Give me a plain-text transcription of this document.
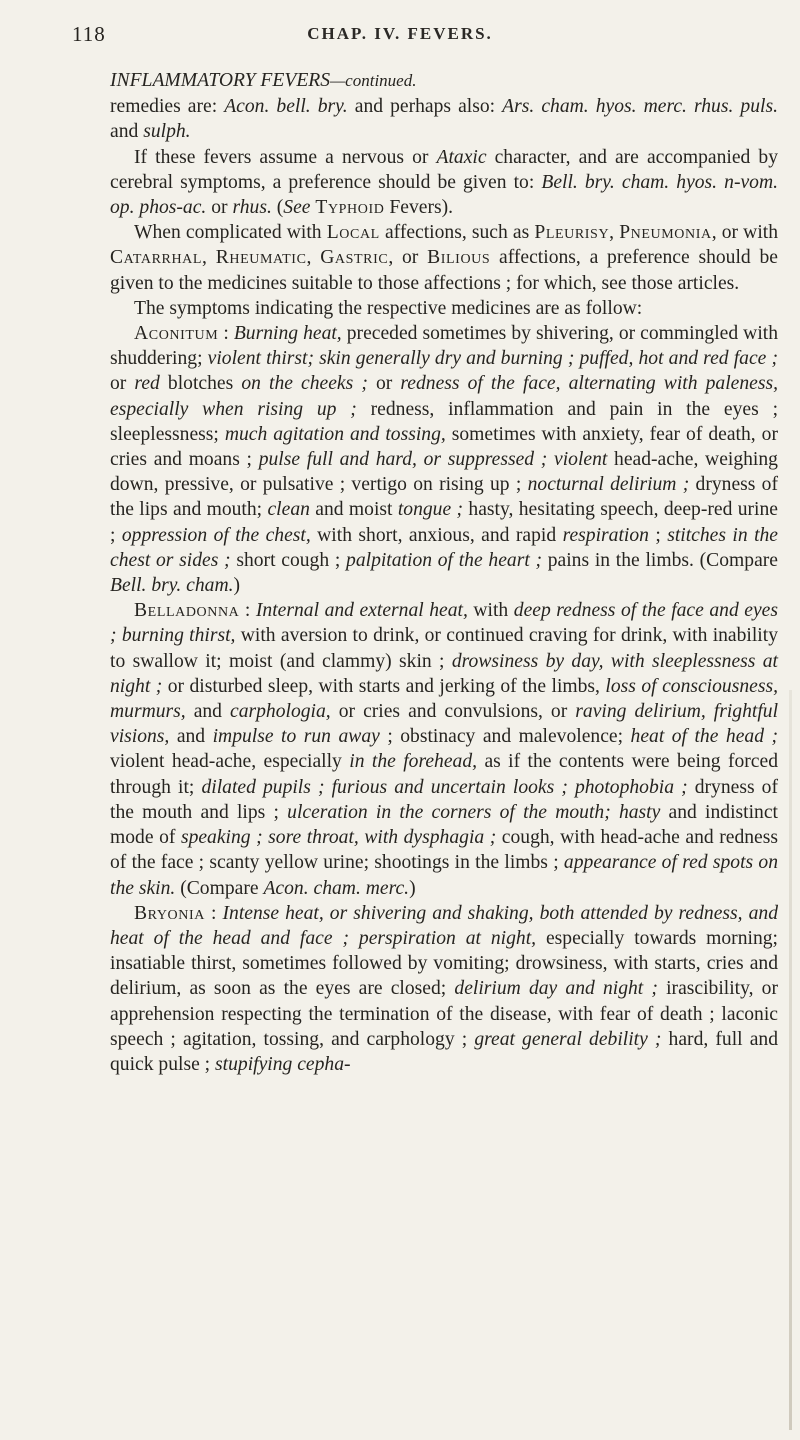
118	CHAP. IV. FEVERS.
INFLAMMATORY FEVERS—continued.

remedies are: Acon. bell. bry. and perhaps also: Ars. cham. hyos. merc. rhus. puls. and sulph.

If these fevers assume a nervous or Ataxic character, and are accompanied by cerebral symptoms, a preference should be given to: Bell. bry. cham. hyos. n-vom. op. phos-ac. or rhus. (See Typhoid Fevers).

When complicated with Local affections, such as Pleurisy, Pneumonia, or with Catarrhal, Rheumatic, Gastric, or Bilious affections, a preference should be given to the medicines suitable to those affections ; for which, see those articles.

The symptoms indicating the respective medicines are as follow:

Aconitum : Burning heat, preceded sometimes by shivering, or commingled with shuddering; violent thirst; skin generally dry and burning ; puffed, hot and red face ; or red blotches on the cheeks ; or redness of the face, alternating with paleness, especially when rising up ; redness, inflammation and pain in the eyes ; sleeplessness; much agitation and tossing, sometimes with anxiety, fear of death, or cries and moans ; pulse full and hard, or suppressed ; violent head-ache, weighing down, pressive, or pulsative ; vertigo on rising up ; nocturnal delirium ; dryness of the lips and mouth; clean and moist tongue ; hasty, hesitating speech, deep-red urine ; oppression of the chest, with short, anxious, and rapid respiration ; stitches in the chest or sides ; short cough ; palpitation of the heart ; pains in the limbs. (Compare Bell. bry. cham.)

Belladonna : Internal and external heat, with deep redness of the face and eyes ; burning thirst, with aversion to drink, or continued craving for drink, with inability to swallow it; moist (and clammy) skin ; drowsiness by day, with sleeplessness at night ; or disturbed sleep, with starts and jerking of the limbs, loss of consciousness, murmurs, and carphologia, or cries and convulsions, or raving delirium, frightful visions, and impulse to run away ; obstinacy and malevolence; heat of the head ; violent head-ache, especially in the forehead, as if the contents were being forced through it; dilated pupils ; furious and uncertain looks ; photophobia ; dryness of the mouth and lips ; ulceration in the corners of the mouth; hasty and indistinct mode of speaking ; sore throat, with dysphagia ; cough, with head-ache and redness of the face ; scanty yellow urine; shootings in the limbs ; appearance of red spots on the skin. (Compare Acon. cham. merc.)

Bryonia : Intense heat, or shivering and shaking, both attended by redness, and heat of the head and face ; perspiration at night, especially towards morning; insatiable thirst, sometimes followed by vomiting; drowsiness, with starts, cries and delirium, as soon as the eyes are closed; delirium day and night ; irascibility, or apprehension respecting the termination of the disease, with fear of death ; laconic speech ; agitation, tossing, and carphology ; great general debility ; hard, full and quick pulse ; stupifying cepha-
